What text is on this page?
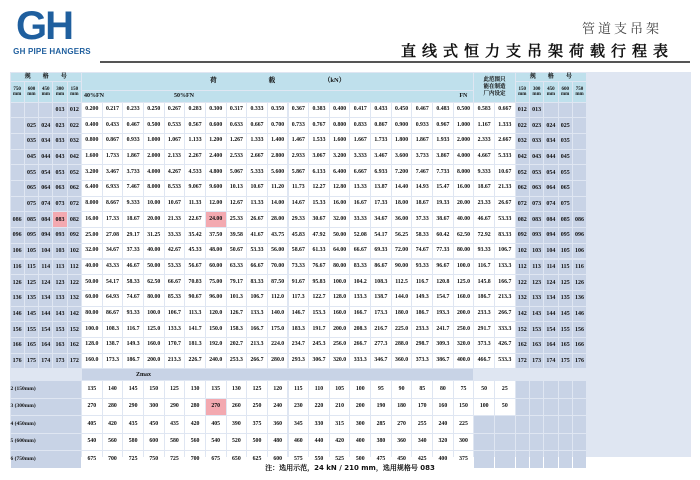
GH
GH PIPE HANGERS
管道支吊架
直线式恒力支吊架荷载行程表
规　　格　　号
荷　　　　　　　　载　　　　　　　　（kN）
规　　格　　号
此范围只
能在制造
厂内设定
750 mm
150 mm
600 mm
300 mm
450 mm
450 mm
300 mm
600 mm
150 mm
750 mm
40%FN	50%FN	FN
013 012	0.200	0.217	0.233	0.250	0.267	0.283	0.300	0.317	0.333	0.350	0.367	0.383	0.400	0.417	0.433	0.450	0.467	0.483	0.500	0.583	0.667	012 013
025 024 023 022	0.400	0.433	0.467	0.500	0.533	0.567	0.600	0.633	0.667	0.700	0.733	0.767	0.800	0.833	0.867	0.900	0.933	0.967	1.000	1.167	1.333	022 023 024 025
035 034 033 032	0.800	0.867	0.933	1.000	1.067	1.133	1.200	1.267	1.333	1.400	1.467	1.533	1.600	1.667	1.733	1.800	1.867	1.933	2.000	2.333	2.667	032 033 034 035
045 044 043 042	1.600	1.733	1.867	2.000	2.133	2.267	2.400	2.533	2.667	2.800	2.933	3.067	3.200	3.333	3.467	3.600	3.733	3.867	4.000	4.667	5.333	042 043 044 045
055 054 053 052	3.200	3.467	3.733	4.000	4.267	4.533	4.800	5.067	5.333	5.600	5.867	6.133	6.400	6.667	6.933	7.200	7.467	7.733	8.000	9.333	10.67	052 053 054 055
065 064 063 062	6.400	6.933	7.467	8.000	8.533	9.067	9.600	10.13	10.67	11.20	11.73	12.27	12.80	13.33	13.87	14.40	14.93	15.47	16.00	18.67	21.33	062 063 064 065
075 074 073 072	8.000	8.667	9.333	10.00	10.67	11.33	12.00	12.67	13.33	14.00	14.67	15.33	16.00	16.67	17.33	18.00	18.67	19.33	20.00	23.33	26.67	072 073 074 075
086 085 084 083 082	16.00	17.33	18.67	20.00	21.33	22.67	24.00	25.33	26.67	28.00	29.33	30.67	32.00	33.33	34.67	36.00	37.33	38.67	40.00	46.67	53.33	082 083 084 085 086
096 095 094 093 092	25.00	27.08	29.17	31.25	33.33	35.42	37.50	39.58	41.67	43.75	45.83	47.92	50.00	52.08	54.17	56.25	58.33	60.42	62.50	72.92	83.33	092 093 094 095 096
106 105 104 103 102	32.00	34.67	37.33	40.00	42.67	45.33	48.00	50.67	53.33	56.00	58.67	61.33	64.00	66.67	69.33	72.00	74.67	77.33	80.00	93.33	106.7	102 103 104 105 106
116 115 114 113 112	40.00	43.33	46.67	50.00	53.33	56.67	60.00	63.33	66.67	70.00	73.33	76.67	80.00	83.33	86.67	90.00	93.33	96.67	100.0	116.7	133.3	112 113 114 115 116
126 125 124 123 122	50.00	54.17	58.33	62.50	66.67	70.83	75.00	79.17	83.33	87.50	91.67	95.83	100.0	104.2	108.3	112.5	116.7	120.8	125.0	145.8	166.7	122 123 124 125 126
136 135 134 133 132	60.00	64.93	74.67	80.00	85.33	90.67	96.00	101.3	106.7	112.0	117.3	122.7	128.0	133.3	138.7	144.0	149.3	154.7	160.0	186.7	213.3	132 133 134 135 136
146 145 144 143 142	80.00	86.67	93.33	100.0	106.7	113.3	120.0	126.7	133.3	140.0	146.7	153.3	160.0	166.7	173.3	180.0	186.7	193.3	200.0	233.3	266.7	142 143 144 145 146
156 155 154 153 152	100.0	108.3	116.7	125.0	133.3	141.7	150.0	158.3	166.7	175.0	183.3	191.7	200.0	208.3	216.7	225.0	233.3	241.7	250.0	291.7	333.3	152 153 154 155 156
166 165 164 163 162	128.0	138.7	149.3	160.0	170.7	181.3	192.0	202.7	213.3	224.0	234.7	245.3	256.0	266.7	277.3	288.0	298.7	309.3	320.0	373.3	426.7	162 163 164 165 166
176 175 174 173 172	160.0	173.3	186.7	200.0	213.3	226.7	240.0	253.3	266.7	280.0	293.3	306.7	320.0	333.3	346.7	360.0	373.3	386.7	400.0	466.7	533.3	172 173 174 175 176
Zmax
2 (150mm)	135	140	145	150	125	130	135	130	125	120	115	110	105	100	95	90	85	80	75	50	25
3 (300mm)	270	280	290	300	290	280	270	260	250	240	230	220	210	200	190	180	170	160	150	100	50
4 (450mm)	405	420	435	450	435	420	405	390	375	360	345	330	315	300	285	270	255	240	225
5 (600mm)	540	560	580	600	580	560	540	520	500	480	460	440	420	400	380	360	340	320	300
6 (750mm)	675	700	725	750	725	700	675	650	625	600	575	550	525	500	475	450	425	400	375
注：选用示范，24 kN / 210 mm，选用规格号 083
